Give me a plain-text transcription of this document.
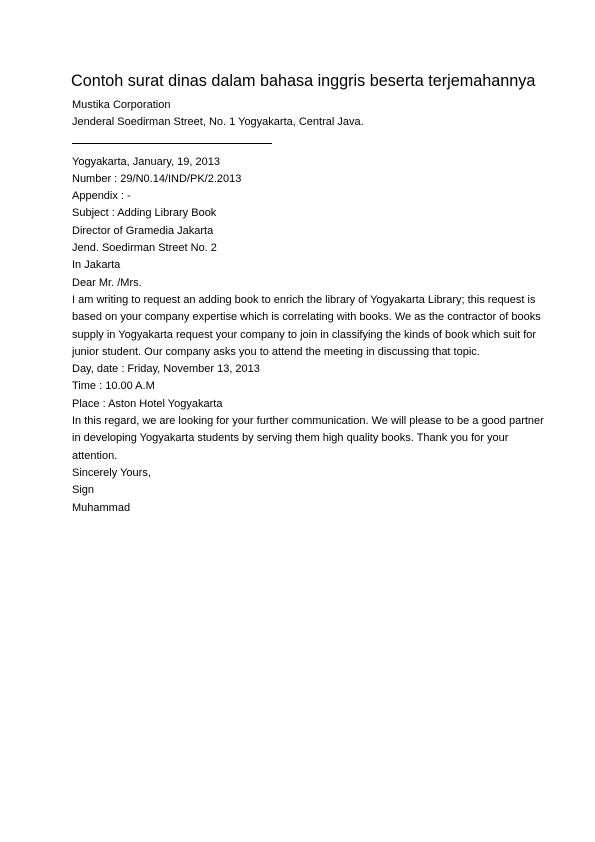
Contoh surat dinas dalam bahasa inggris beserta terjemahannya
Mustika Corporation
Jenderal Soedirman Street, No. 1 Yogyakarta, Central Java.
Yogyakarta, January, 19, 2013
Number : 29/N0.14/IND/PK/2.2013
Appendix : -
Subject : Adding Library Book
Director of Gramedia Jakarta
Jend. Soedirman Street No. 2
In Jakarta
Dear Mr. /Mrs.
I am writing to request an adding book to enrich the library of Yogyakarta Library; this request is
based on your company expertise which is correlating with books. We as the contractor of books
supply in Yogyakarta request your company to join in classifying the kinds of book which suit for
junior student. Our company asks you to attend the meeting in discussing that topic.
Day, date : Friday, November 13, 2013
Time : 10.00 A.M
Place : Aston Hotel Yogyakarta
In this regard, we are looking for your further communication. We will please to be a good partner
in developing Yogyakarta students by serving them high quality books. Thank you for your
attention.
Sincerely Yours,
Sign
Muhammad
